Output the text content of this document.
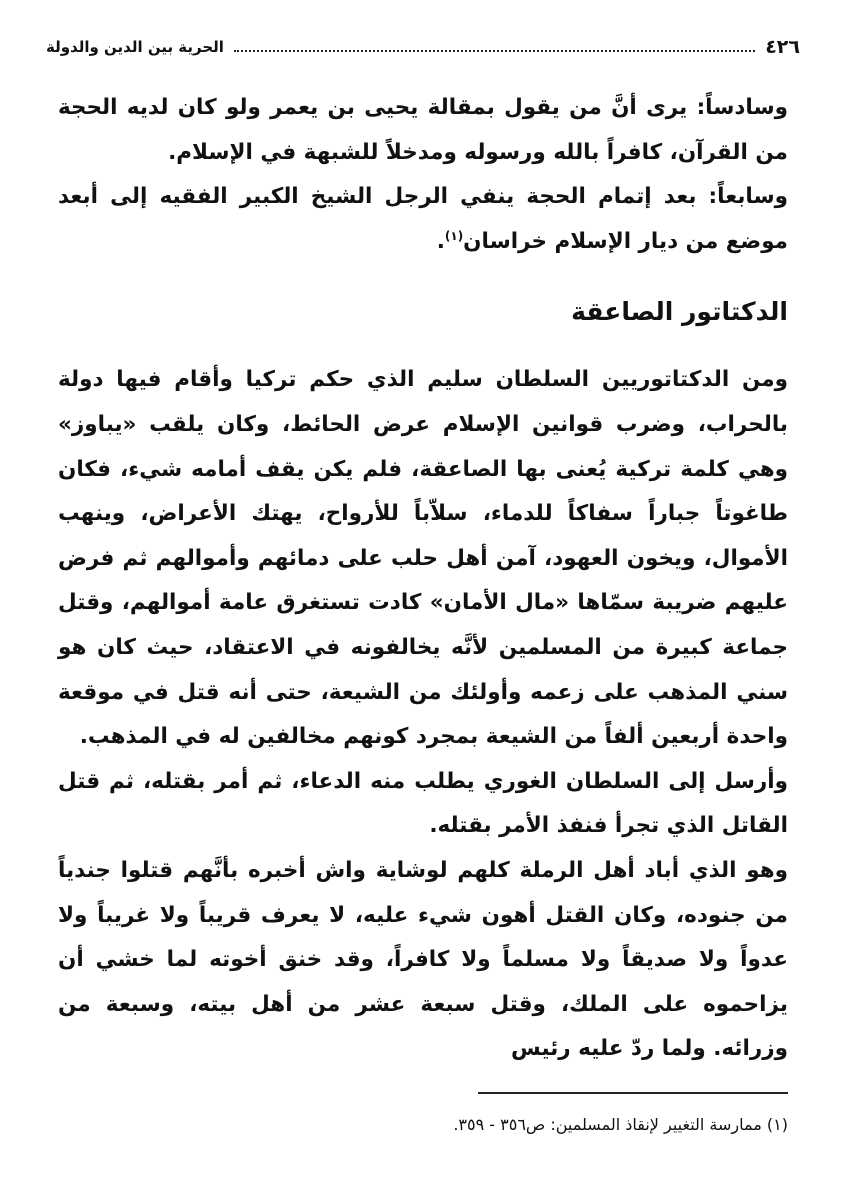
٤٢٦
الحرية بين الدين والدولة

وسادساً: يرى أنَّ من يقول بمقالة يحيى بن يعمر ولو كان لديه الحجة من القرآن، كافراً بالله ورسوله ومدخلاً للشبهة في الإسلام.

وسابعاً: بعد إتمام الحجة ينفي الرجل الشيخ الكبير الفقيه إلى أبعد موضع من ديار الإسلام خراسان$^{(١)}$.

الدكتاتور الصاعقة

ومن الدكتاتوريين السلطان سليم الذي حكم تركيا وأقام فيها دولة بالحراب، وضرب قوانين الإسلام عرض الحائط، وكان يلقب «يباوز» وهي كلمة تركية يُعنى بها الصاعقة، فلم يكن يقف أمامه شيء، فكان طاغوتاً جباراً سفاكاً للدماء، سلاّباً للأرواح، يهتك الأعراض، وينهب الأموال، ويخون العهود، آمن أهل حلب على دمائهم وأموالهم ثم فرض عليهم ضريبة سمّاها «مال الأمان» كادت تستغرق عامة أموالهم، وقتل جماعة كبيرة من المسلمين لأنَّه يخالفونه في الاعتقاد، حيث كان هو سني المذهب على زعمه وأولئك من الشيعة، حتى أنه قتل في موقعة واحدة أربعين ألفاً من الشيعة بمجرد كونهم مخالفين له في المذهب.

وأرسل إلى السلطان الغوري يطلب منه الدعاء، ثم أمر بقتله، ثم قتل القاتل الذي تجرأ فنفذ الأمر بقتله.

وهو الذي أباد أهل الرملة كلهم لوشاية واش أخبره بأنَّهم قتلوا جندياً من جنوده، وكان القتل أهون شيء عليه، لا يعرف قريباً ولا غريباً ولا عدواً ولا صديقاً ولا مسلماً ولا كافراً، وقد خنق أخوته لما خشي أن يزاحموه على الملك، وقتل سبعة عشر من أهل بيته، وسبعة من وزرائه. ولما ردّ عليه رئيس

(١) ممارسة التغيير لإنقاذ المسلمين: ص٣٥٦ - ٣٥٩.
